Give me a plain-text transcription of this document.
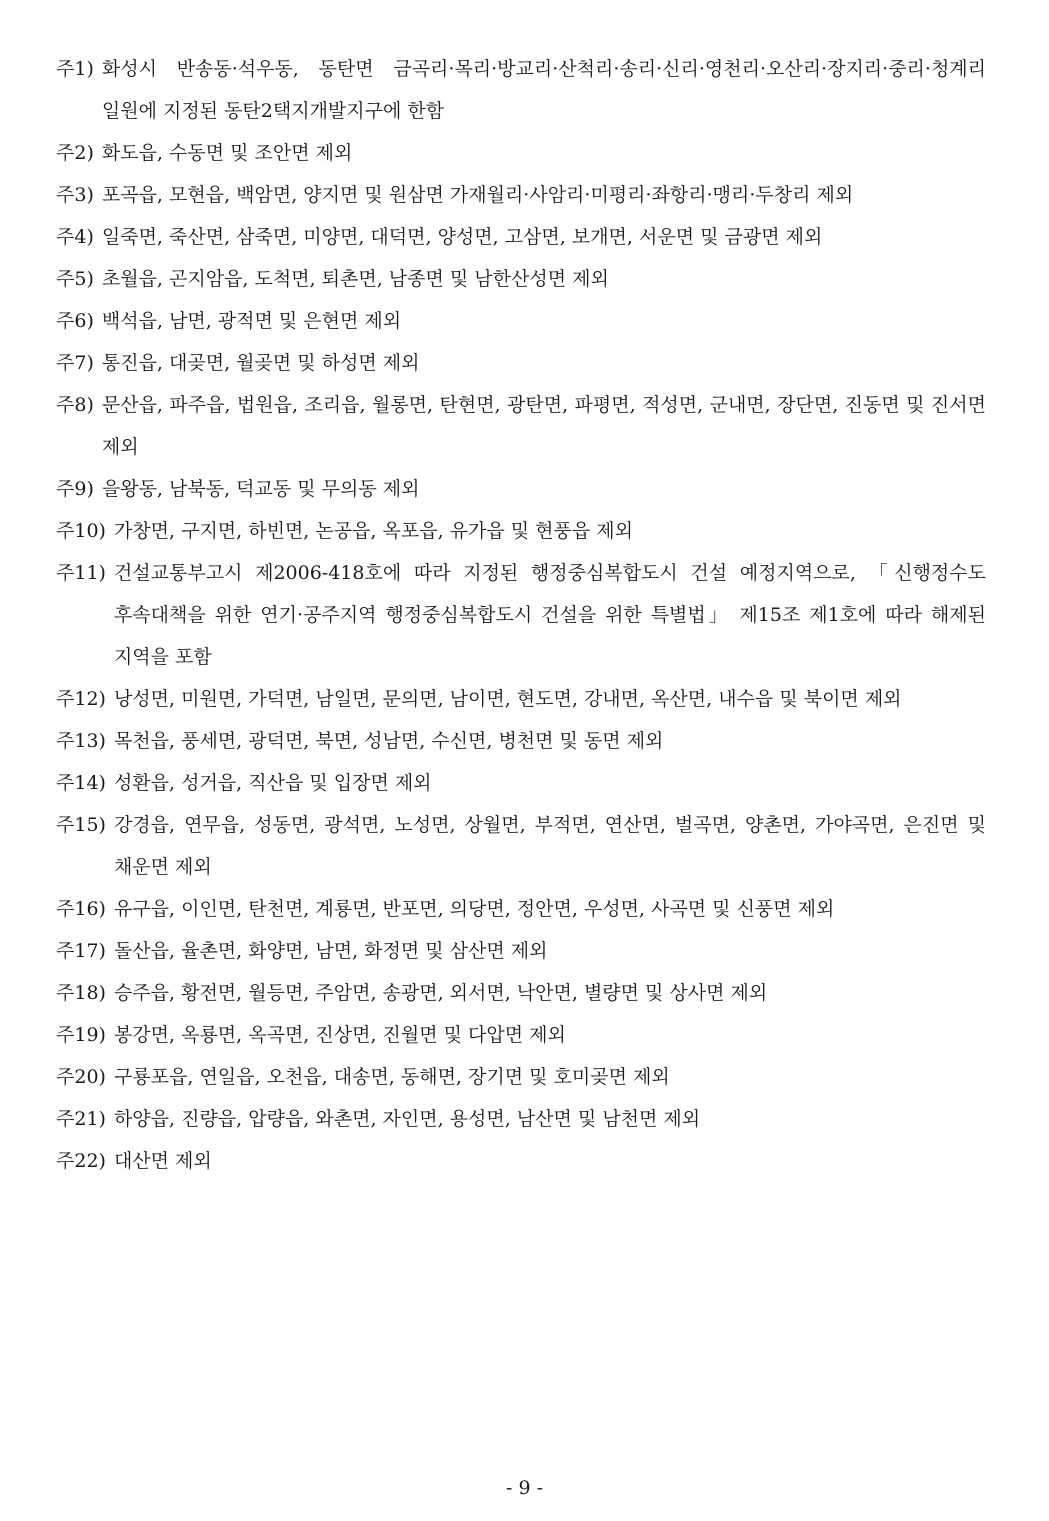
주1) 화성시 반송동·석우동, 동탄면 금곡리·목리·방교리·산척리·송리·신리·영천리·오산리·장지리·중리·청계리 일원에 지정된 동탄2택지개발지구에 한함
주2) 화도읍, 수동면 및 조안면 제외
주3) 포곡읍, 모현읍, 백암면, 양지면 및 원삼면 가재월리·사암리·미평리·좌항리·맹리·두창리 제외
주4) 일죽면, 죽산면, 삼죽면, 미양면, 대덕면, 양성면, 고삼면, 보개면, 서운면 및 금광면 제외
주5) 초월읍, 곤지암읍, 도척면, 퇴촌면, 남종면 및 남한산성면 제외
주6) 백석읍, 남면, 광적면 및 은현면 제외
주7) 통진읍, 대곶면, 월곶면 및 하성면 제외
주8) 문산읍, 파주읍, 법원읍, 조리읍, 월롱면, 탄현면, 광탄면, 파평면, 적성면, 군내면, 장단면, 진동면 및 진서면 제외
주9) 을왕동, 남북동, 덕교동 및 무의동 제외
주10) 가창면, 구지면, 하빈면, 논공읍, 옥포읍, 유가읍 및 현풍읍 제외
주11) 건설교통부고시 제2006-418호에 따라 지정된 행정중심복합도시 건설 예정지역으로, 「신행정수도 후속대책을 위한 연기·공주지역 행정중심복합도시 건설을 위한 특별법」 제15조 제1호에 따라 해제된 지역을 포함
주12) 낭성면, 미원면, 가덕면, 남일면, 문의면, 남이면, 현도면, 강내면, 옥산면, 내수읍 및 북이면 제외
주13) 목천읍, 풍세면, 광덕면, 북면, 성남면, 수신면, 병천면 및 동면 제외
주14) 성환읍, 성거읍, 직산읍 및 입장면 제외
주15) 강경읍, 연무읍, 성동면, 광석면, 노성면, 상월면, 부적면, 연산면, 벌곡면, 양촌면, 가야곡면, 은진면 및 채운면 제외
주16) 유구읍, 이인면, 탄천면, 계룡면, 반포면, 의당면, 정안면, 우성면, 사곡면 및 신풍면 제외
주17) 돌산읍, 율촌면, 화양면, 남면, 화정면 및 삼산면 제외
주18) 승주읍, 황전면, 월등면, 주암면, 송광면, 외서면, 낙안면, 별량면 및 상사면 제외
주19) 봉강면, 옥룡면, 옥곡면, 진상면, 진월면 및 다압면 제외
주20) 구룡포읍, 연일읍, 오천읍, 대송면, 동해면, 장기면 및 호미곶면 제외
주21) 하양읍, 진량읍, 압량읍, 와촌면, 자인면, 용성면, 남산면 및 남천면 제외
주22) 대산면 제외
- 9 -
